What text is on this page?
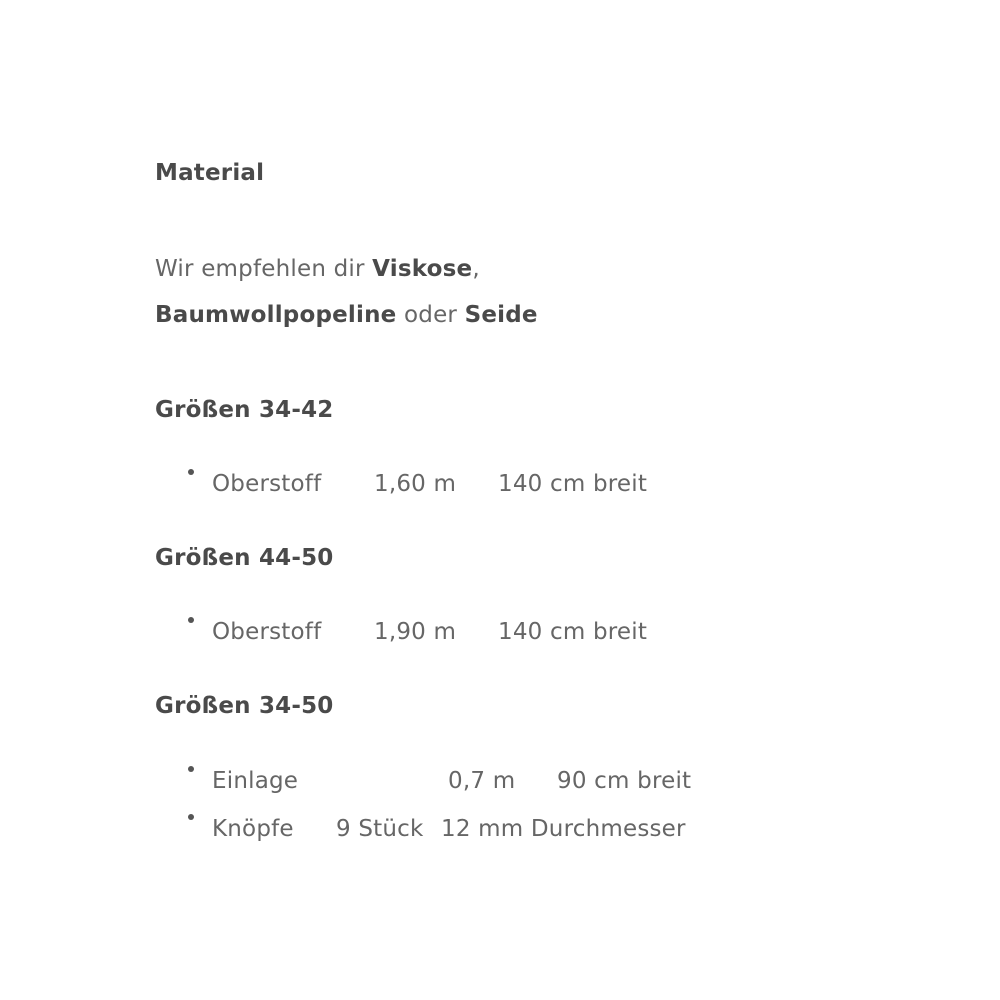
Material

Wir empfehlen dir Viskose,

Baumwollpopeline oder Seide

Größen 34-42
Oberstoff 1,60 m 140 cm breit
Größen 44-50
Oberstoff 1,90 m 140 cm breit
Größen 34-50
Einlage	0,7 m 90 cm breit
Knöpfe 9 Stück 12 mm Durchmesser
